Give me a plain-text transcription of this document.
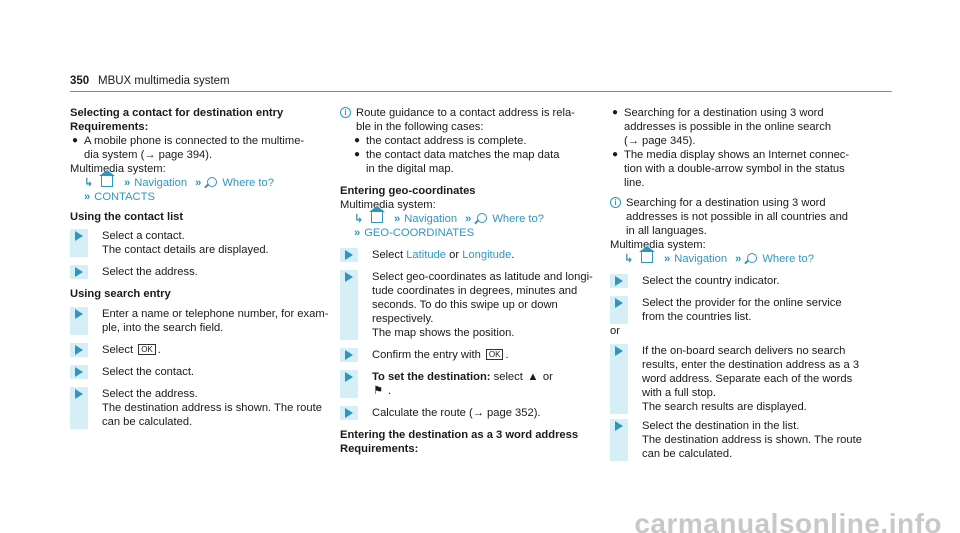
350 MBUX multimedia system
Selecting a contact for destination entry
Requirements:
● A mobile phone is connected to the multime-
dia system (→ page 394).
Multimedia system:
↳	» Navigation » Where to?
» CONTACTS
Using the contact list
Select a contact.
The contact details are displayed.
Select the address.
Using search entry
Enter a name or telephone number, for exam-
ple, into the search field.
Select OK .
Select the contact.
Select the address.
The destination address is shown. The route
can be calculated.
i Route guidance to a contact address is rela-
ble in the following cases:
● the contact address is complete.
● the contact data matches the map data
in the digital map.
Entering geo-coordinates
Multimedia system:
↳	» Navigation » Where to?
» GEO-COORDINATES
Select Latitude or Longitude.
Select geo-coordinates as latitude and longi-
tude coordinates in degrees, minutes and
seconds. To do this swipe up or down
respectively.
The map shows the position.
Confirm the entry with OK .
To set the destination: select ▲ or
⚑ .
Calculate the route (→ page 352).
Entering the destination as a 3 word address
Requirements:
● Searching for a destination using 3 word
addresses is possible in the online search
(→ page 345).
● The media display shows an Internet connec-
tion with a double-arrow symbol in the status
line.
i Searching for a destination using 3 word
addresses is not possible in all countries and
in all languages.
Multimedia system:
↳	» Navigation » Where to?
Select the country indicator.
Select the provider for the online service
from the countries list.
or
If the on-board search delivers no search
results, enter the destination address as a 3
word address. Separate each of the words
with a full stop.
The search results are displayed.
Select the destination in the list.
The destination address is shown. The route
can be calculated.
carmanualsonline.info
